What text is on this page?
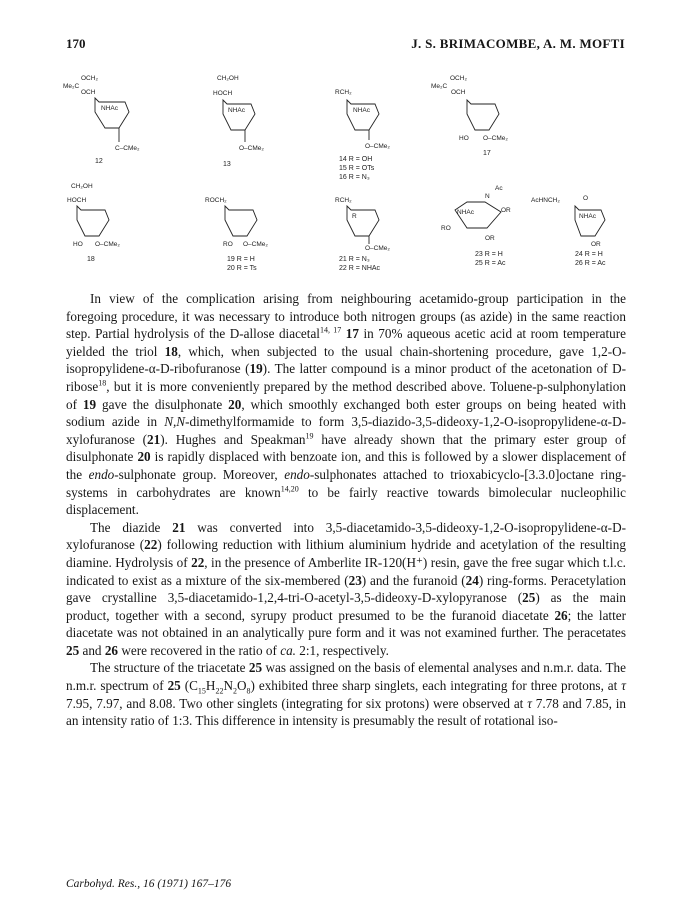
170	J. S. BRIMACOMBE, A. M. MOFTI
Me₂C
OCH₂
OCH
NHAc
C–CMe₂
12
CH₂OH
HOCH
NHAc
O–CMe₂
13
RCH₂
NHAc
O–CMe₂
14 R = OH
15 R = OTs
16 R = N₃
Me₂C
OCH₂
OCH
HO O–CMe₂
17
CH₂OH
HOCH
HO O–CMe₂
18
ROCH₂
RO O–CMe₂
19 R = H
20 R = Ts
RCH₂
R
O–CMe₂
21 R = N₃
22 R = NHAc
N
Ac
NHAc	OR
RO
OR
23 R = H
25 R = Ac
AcHNCH₂	O
NHAc
OR
24 R = H
26 R = Ac

In view of the complication arising from neighbouring acetamido-group participation in the foregoing procedure, it was necessary to introduce both nitrogen groups (as azide) in the same reaction step. Partial hydrolysis of the D-allose diacetal$^{14, 17}$ 17 in 70% aqueous acetic acid at room temperature yielded the triol 18, which, when subjected to the usual chain-shortening procedure, gave 1,2-O-isopropylidene-α-D-ribofuranose (19). The latter compound is a minor product of the acetonation of D-ribose$^{18}$, but it is more conveniently prepared by the method described above. Toluene-p-sulphonylation of 19 gave the disulphonate 20, which smoothly exchanged both ester groups on being heated with sodium azide in N,N-dimethylformamide to form 3,5-diazido-3,5-dideoxy-1,2-O-isopropylidene-α-D-xylofuranose (21). Hughes and Speakman$^{19}$ have already shown that the primary ester group of disulphonate 20 is rapidly displaced with benzoate ion, and this is followed by a slower displacement of the endo-sulphonate group. Moreover, endo-sulphonates attached to trioxabicyclo-[3.3.0]octane ring-systems in carbohydrates are known$^{14,20}$ to be fairly reactive towards bimolecular nucleophilic displacement.

The diazide 21 was converted into 3,5-diacetamido-3,5-dideoxy-1,2-O-isopropylidene-α-D-xylofuranose (22) following reduction with lithium aluminium hydride and acetylation of the resulting diamine. Hydrolysis of 22, in the presence of Amberlite IR-120(H⁺) resin, gave the free sugar which t.l.c. indicated to exist as a mixture of the six-membered (23) and the furanoid (24) ring-forms. Peracetylation gave crystalline 3,5-diacetamido-1,2,4-tri-O-acetyl-3,5-dideoxy-D-xylopyranose (25) as the main product, together with a second, syrupy product presumed to be the furanoid diacetate 26; the latter diacetate was not obtained in an analytically pure form and it was not examined further. The peracetates 25 and 26 were recovered in the ratio of ca. 2:1, respectively.

The structure of the triacetate 25 was assigned on the basis of elemental analyses and n.m.r. data. The n.m.r. spectrum of 25 $(C_{15}H_{22}N_2O_8)$ exhibited three sharp singlets, each integrating for three protons, at τ 7.95, 7.97, and 8.08. Two other singlets (integrating for six protons) were observed at τ 7.78 and 7.85, in an intensity ratio of 1:3. This difference in intensity is presumably the result of rotational iso-

Carbohyd. Res., 16 (1971) 167–176
